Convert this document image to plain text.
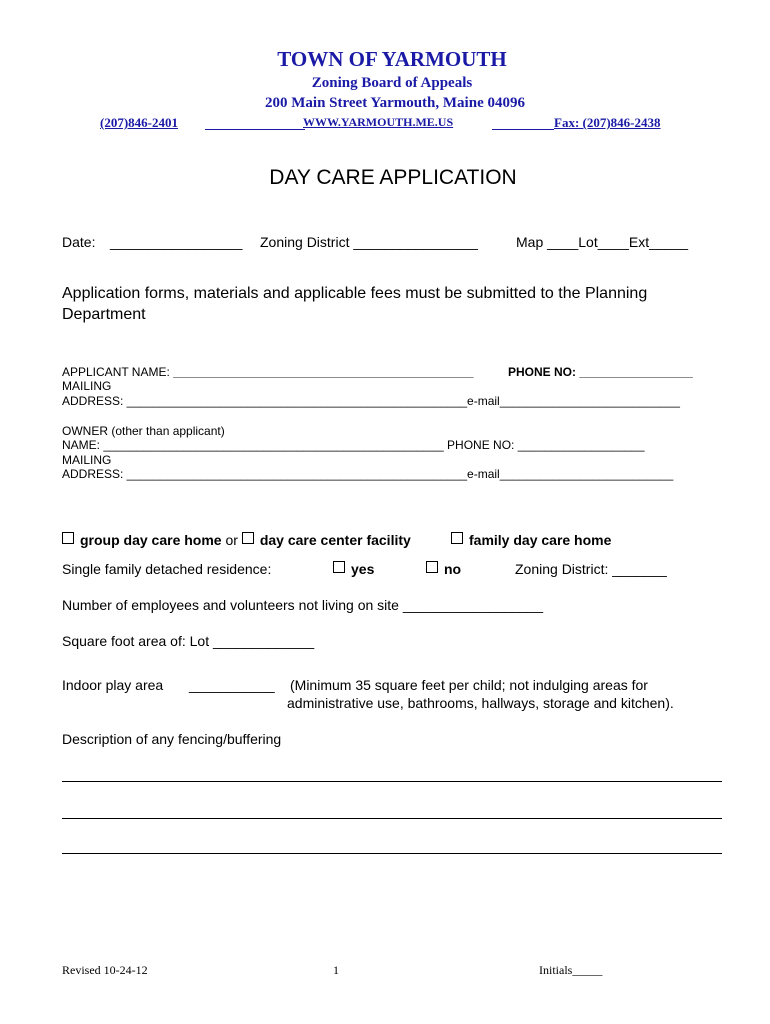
TOWN OF YARMOUTH
Zoning Board of Appeals
200 Main Street Yarmouth, Maine 04096
(207)846-2401	WWW.YARMOUTH.ME.US	Fax: (207)846-2438
DAY CARE APPLICATION
Date: _________________ Zoning District ________________	Map ____Lot____Ext_____
Application forms, materials and applicable fees must be submitted to the Planning
Department
APPLICANT NAME: _____________________________________________	PHONE NO: _________________
MAILING
ADDRESS: ___________________________________________________e-mail___________________________
OWNER (other than applicant)
NAME: ___________________________________________________ PHONE NO: ___________________
MAILING
ADDRESS: ___________________________________________________e-mail__________________________
group day care home or day care center facility	family day care home
Single family detached residence:	yes	no	Zoning District: _______
Number of employees and volunteers not living on site __________________
Square foot area of: Lot _____________
Indoor play area ___________ (Minimum 35 square feet per child; not indulging areas for
administrative use, bathrooms, hallways, storage and kitchen).
Description of any fencing/buffering
Revised 10-24-12	1	Initials_____
